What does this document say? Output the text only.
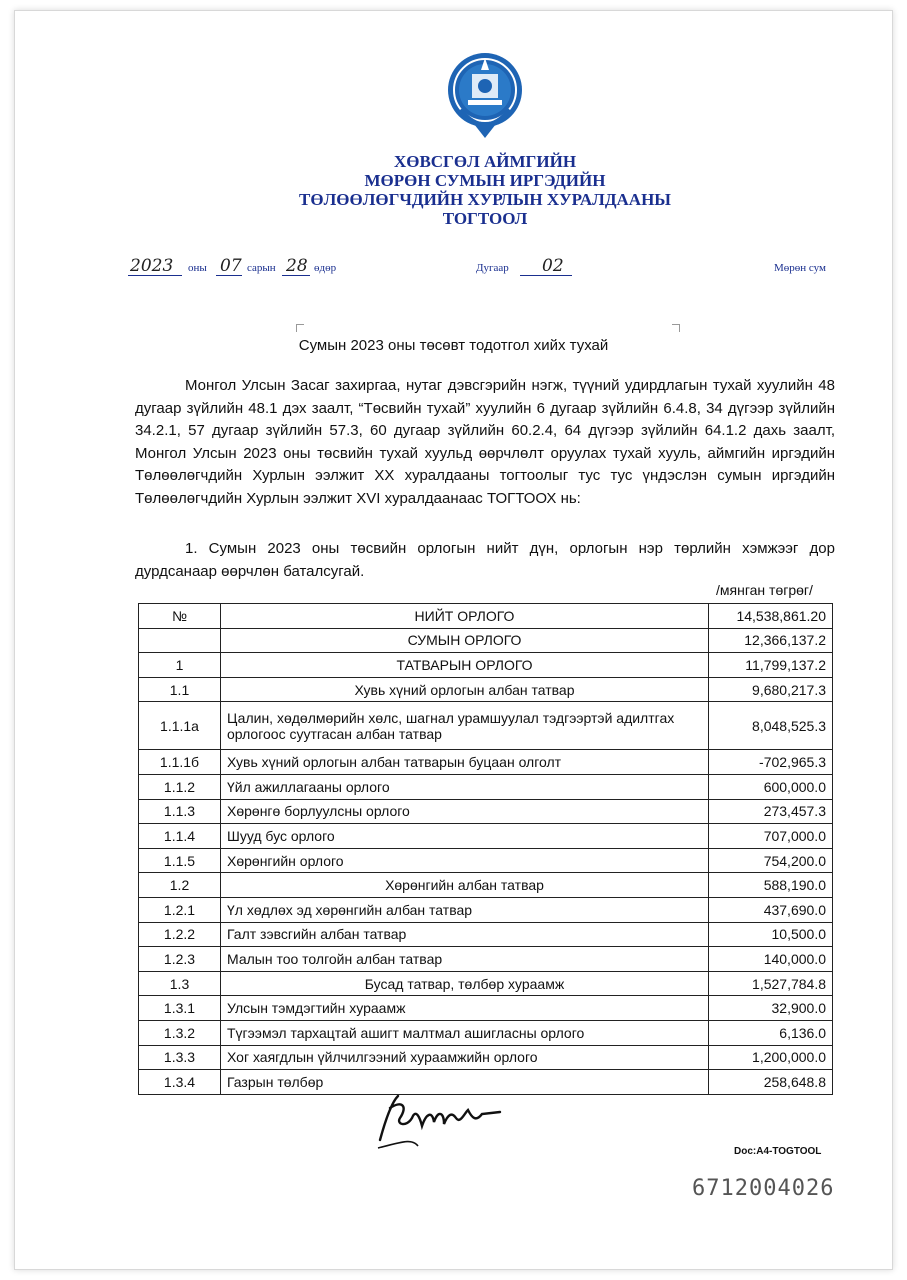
ХӨВСГӨЛ АЙМГИЙН
МӨРӨН СУМЫН ИРГЭДИЙН
ТӨЛӨӨЛӨГЧДИЙН ХУРЛЫН ХУРАЛДААНЫ
ТОГТООЛ
2023 оны 07 сарын 28 өдөр	Дугаар 02	Мөрөн сум
Сумын 2023 оны төсөвт тодотгол хийх тухай
Монгол Улсын Засаг захиргаа, нутаг дэвсгэрийн нэгж, түүний удирдлагын тухай хуулийн 48 дугаар зүйлийн 48.1 дэх заалт, “Төсвийн тухай” хуулийн 6 дугаар зүйлийн 6.4.8, 34 дүгээр зүйлийн 34.2.1, 57 дугаар зүйлийн 57.3, 60 дугаар зүйлийн 60.2.4, 64 дүгээр зүйлийн 64.1.2 дахь заалт, Монгол Улсын 2023 оны төсвийн тухай хуульд өөрчлөлт оруулах тухай хууль, аймгийн иргэдийн Төлөөлөгчдийн Хурлын ээлжит XX хуралдааны тогтоолыг тус тус үндэслэн сумын иргэдийн Төлөөлөгчдийн Хурлын ээлжит XVI хуралдаанаас ТОГТООХ нь:
1. Сумын 2023 оны төсвийн орлогын нийт дүн, орлогын нэр төрлийн хэмжээг дор дурдсанаар өөрчлөн баталсугай.
/мянган төгрөг/
№	НИЙТ ОРЛОГО	14,538,861.20
	СУМЫН ОРЛОГО	12,366,137.2
1	ТАТВАРЫН ОРЛОГО	11,799,137.2
1.1	Хувь хүний орлогын албан татвар	9,680,217.3
1.1.1а	Цалин, хөдөлмөрийн хөлс, шагнал урамшуулал тэдгээртэй адилтгах орлогоос суутгасан албан татвар	8,048,525.3
1.1.1б	Хувь хүний орлогын албан татварын буцаан олголт	-702,965.3
1.1.2	Үйл ажиллагааны орлого	600,000.0
1.1.3	Хөрөнгө борлуулсны орлого	273,457.3
1.1.4	Шууд бус орлого	707,000.0
1.1.5	Хөрөнгийн орлого	754,200.0
1.2	Хөрөнгийн албан татвар	588,190.0
1.2.1	Үл хөдлөх эд хөрөнгийн албан татвар	437,690.0
1.2.2	Галт зэвсгийн албан татвар	10,500.0
1.2.3	Малын тоо толгойн албан татвар	140,000.0
1.3	Бусад татвар, төлбөр хураамж	1,527,784.8
1.3.1	Улсын тэмдэгтийн хураамж	32,900.0
1.3.2	Түгээмэл тархацтай ашигт малтмал ашигласны орлого	6,136.0
1.3.3	Хог хаягдлын үйлчилгээний хураамжийн орлого	1,200,000.0
1.3.4	Газрын төлбөр	258,648.8
Doc:A4-TOGTOOL
6712004026
